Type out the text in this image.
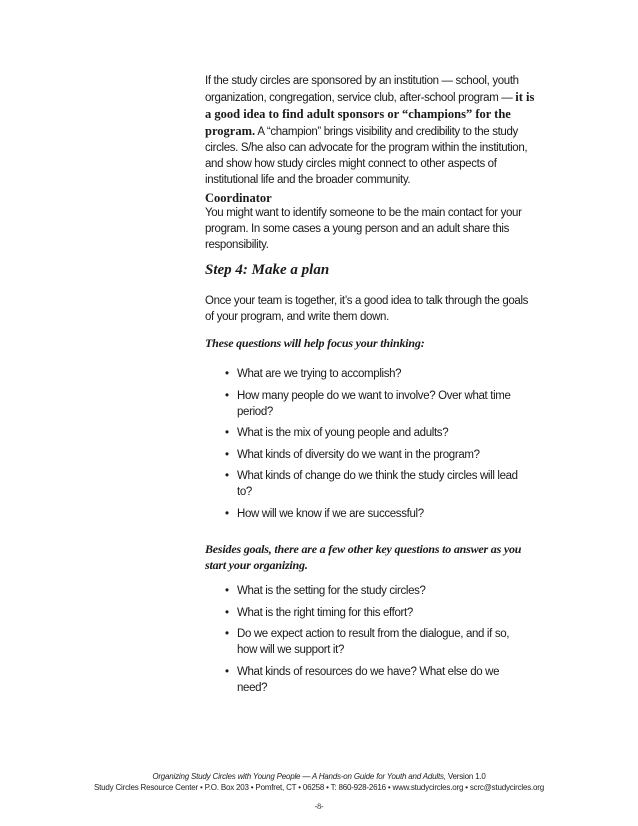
If the study circles are sponsored by an institution — school, youth organization, congregation, service club, after-school program — it is a good idea to find adult sponsors or “champions” for the program. A “champion” brings visibility and credibility to the study circles. S/he also can advocate for the program within the institution, and show how study circles might connect to other aspects of institutional life and the broader community.

Coordinator

You might want to identify someone to be the main contact for your program. In some cases a young person and an adult share this responsibility.

Step 4: Make a plan

Once your team is together, it’s a good idea to talk through the goals of your program, and write them down.

These questions will help focus your thinking:
• What are we trying to accomplish?
• How many people do we want to involve? Over what time period?
• What is the mix of young people and adults?
• What kinds of diversity do we want in the program?
• What kinds of change do we think the study circles will lead to?
• How will we know if we are successful?
Besides goals, there are a few other key questions to answer as you start your organizing.
• What is the setting for the study circles?
• What is the right timing for this effort?
• Do we expect action to result from the dialogue, and if so, how will we support it?
• What kinds of resources do we have? What else do we need?
Organizing Study Circles with Young People — A Hands-on Guide for Youth and Adults, Version 1.0
Study Circles Resource Center • P.O. Box 203 • Pomfret, CT • 06258 • T: 860-928-2616 • www.studycircles.org • scrc@studycircles.org
-8-
